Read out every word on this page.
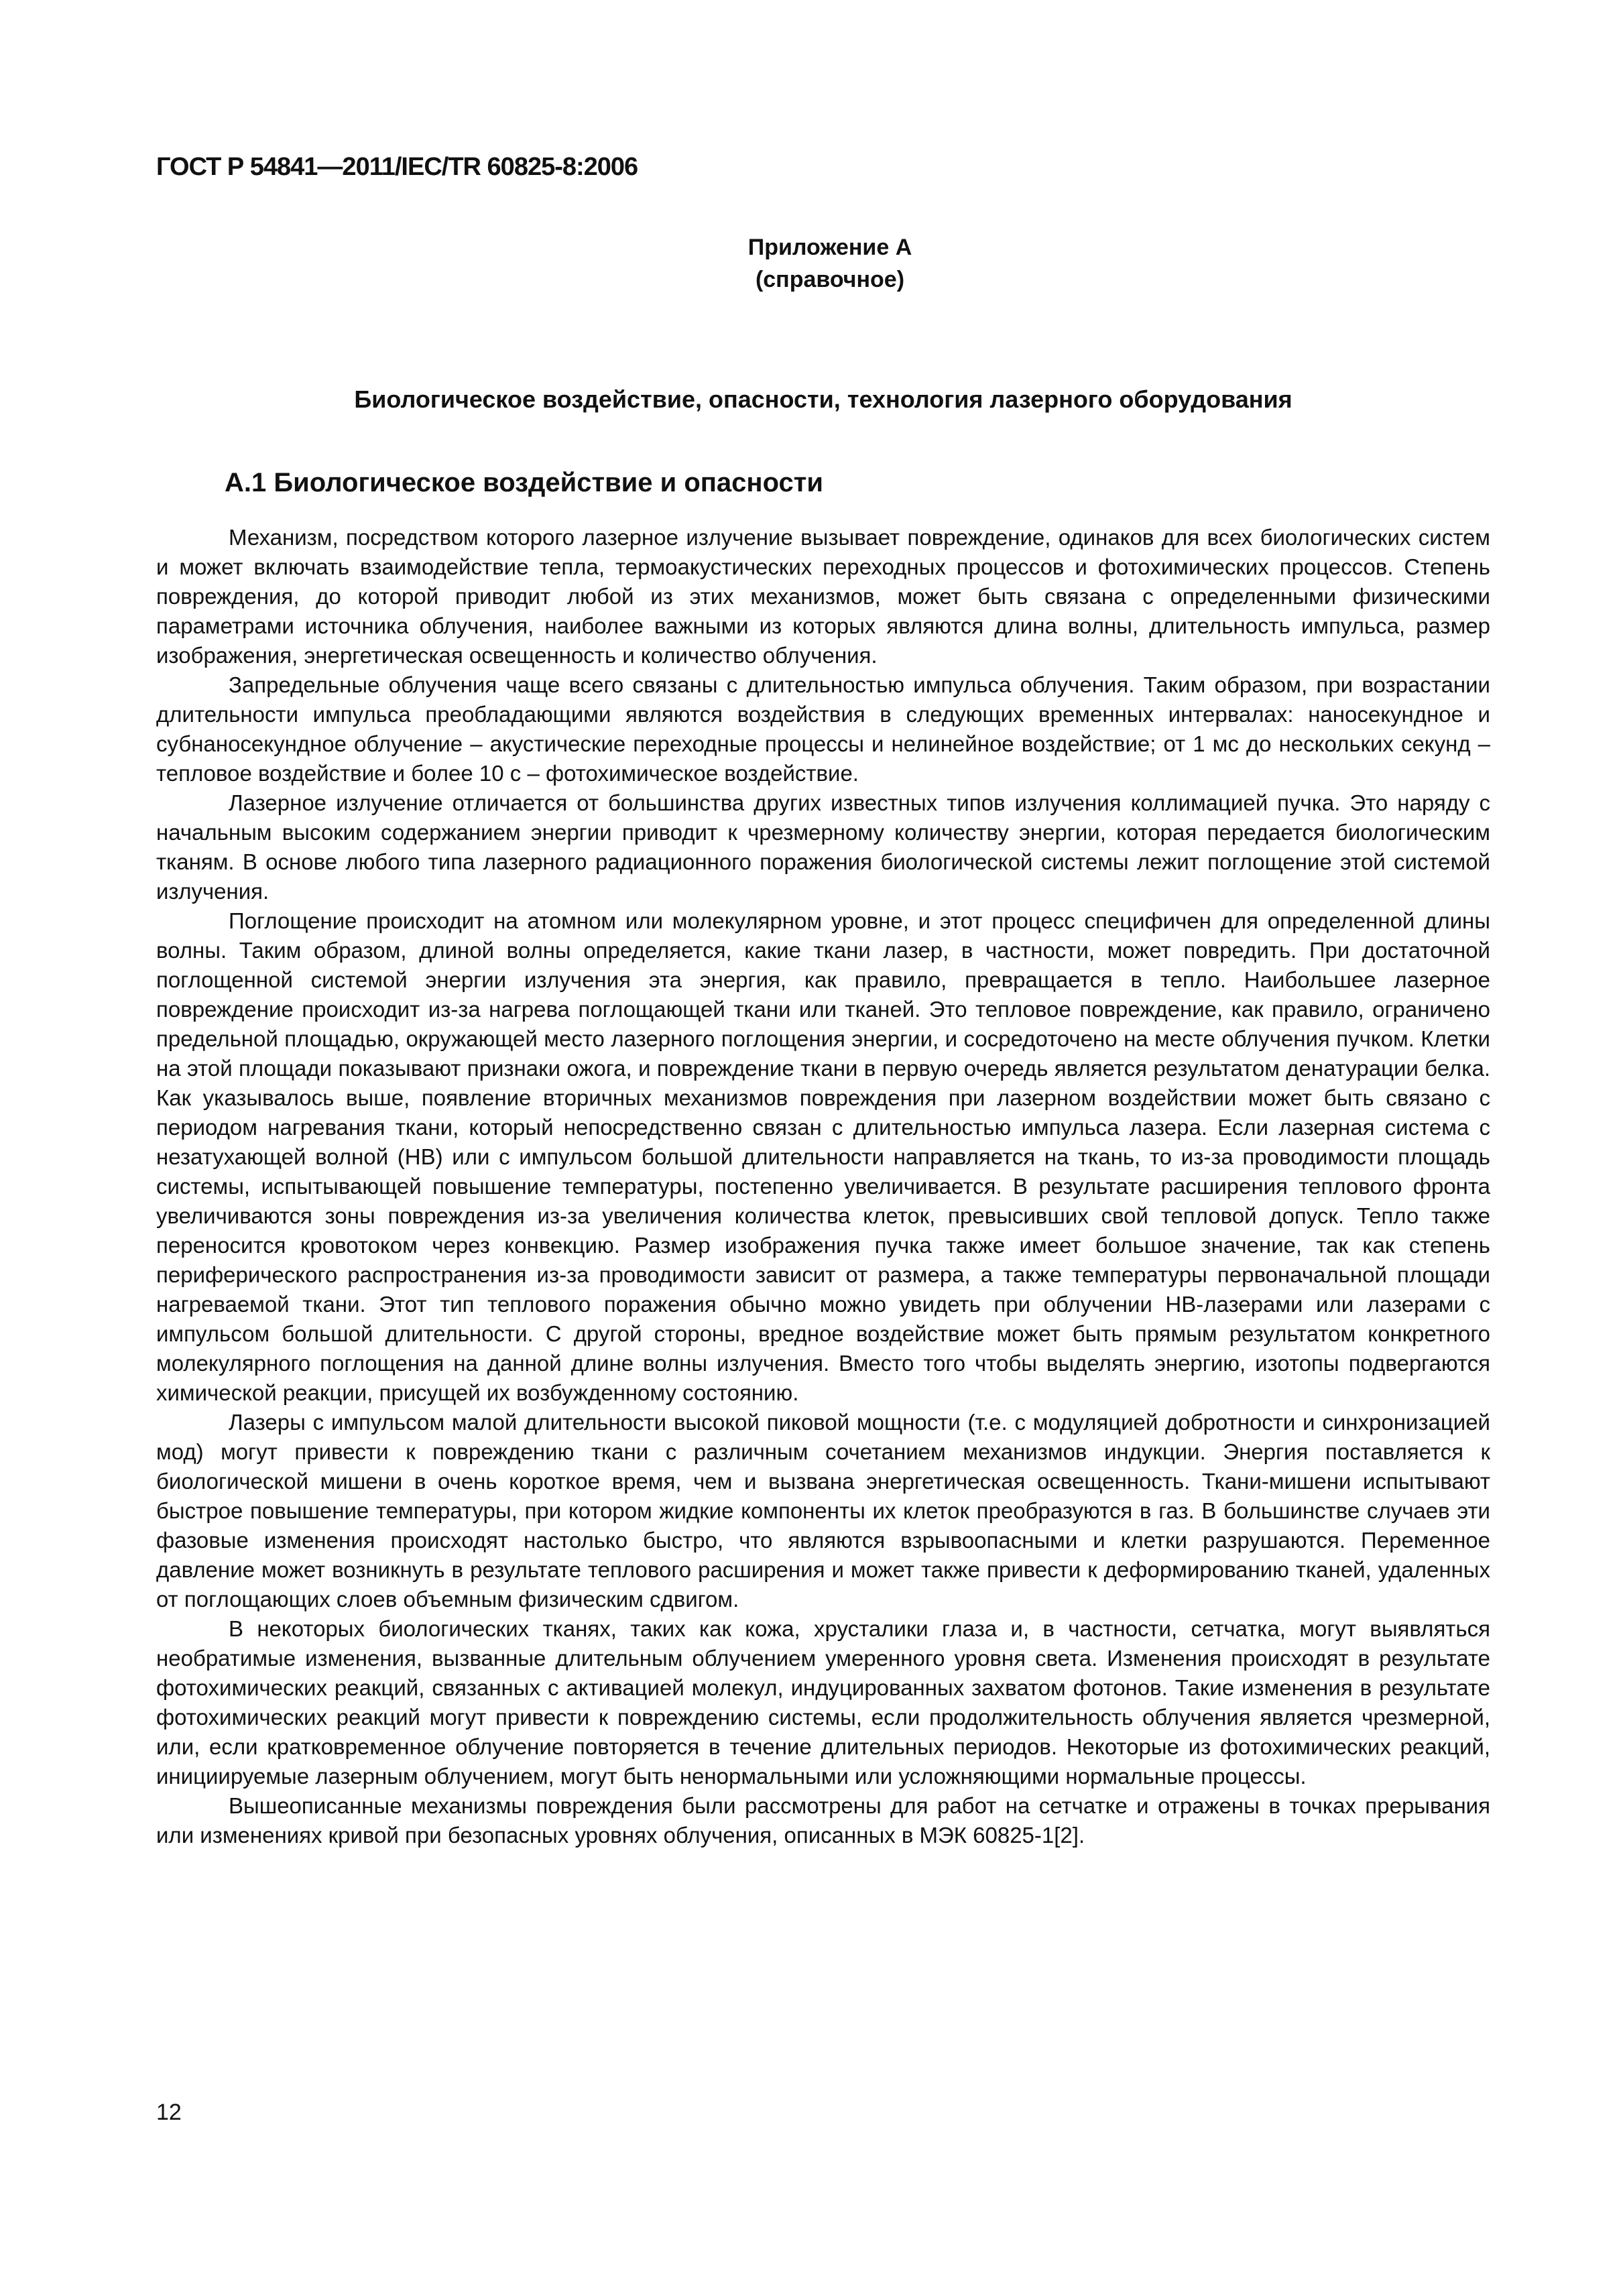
ГОСТ Р 54841—2011/IEC/TR 60825-8:2006
Приложение А
(справочное)
Биологическое воздействие, опасности, технология лазерного оборудования
А.1 Биологическое воздействие и опасности

Механизм, посредством которого лазерное излучение вызывает повреждение, одинаков для всех биологических систем и может включать взаимодействие тепла, термоакустических переходных процессов и фотохимических процессов. Степень повреждения, до которой приводит любой из этих механизмов, может быть связана с определенными физическими параметрами источника облучения, наиболее важными из которых являются длина волны, длительность импульса, размер изображения, энергетическая освещенность и количество облучения.

Запредельные облучения чаще всего связаны с длительностью импульса облучения. Таким образом, при возрастании длительности импульса преобладающими являются воздействия в следующих временных интервалах: наносекундное и субнаносекундное облучение – акустические переходные процессы и нелинейное воздействие; от 1 мс до нескольких секунд – тепловое воздействие и более 10 с – фотохимическое воздействие.

Лазерное излучение отличается от большинства других известных типов излучения коллимацией пучка. Это наряду с начальным высоким содержанием энергии приводит к чрезмерному количеству энергии, которая передается биологическим тканям. В основе любого типа лазерного радиационного поражения биологической системы лежит поглощение этой системой излучения.

Поглощение происходит на атомном или молекулярном уровне, и этот процесс специфичен для определенной длины волны. Таким образом, длиной волны определяется, какие ткани лазер, в частности, может повредить. При достаточной поглощенной системой энергии излучения эта энергия, как правило, превращается в тепло. Наибольшее лазерное повреждение происходит из-за нагрева поглощающей ткани или тканей. Это тепловое повреждение, как правило, ограничено предельной площадью, окружающей место лазерного поглощения энергии, и сосредоточено на месте облучения пучком. Клетки на этой площади показывают признаки ожога, и повреждение ткани в первую очередь является результатом денатурации белка. Как указывалось выше, появление вторичных механизмов повреждения при лазерном воздействии может быть связано с периодом нагревания ткани, который непосредственно связан с длительностью импульса лазера. Если лазерная система с незатухающей волной (НВ) или с импульсом большой длительности направляется на ткань, то из-за проводимости площадь системы, испытывающей повышение температуры, постепенно увеличивается. В результате расширения теплового фронта увеличиваются зоны повреждения из-за увеличения количества клеток, превысивших свой тепловой допуск. Тепло также переносится кровотоком через конвекцию. Размер изображения пучка также имеет большое значение, так как степень периферического распространения из-за проводимости зависит от размера, а также температуры первоначальной площади нагреваемой ткани. Этот тип теплового поражения обычно можно увидеть при облучении НВ-лазерами или лазерами с импульсом большой длительности. С другой стороны, вредное воздействие может быть прямым результатом конкретного молекулярного поглощения на данной длине волны излучения. Вместо того чтобы выделять энергию, изотопы подвергаются химической реакции, присущей их возбужденному состоянию.

Лазеры с импульсом малой длительности высокой пиковой мощности (т.е. с модуляцией добротности и синхронизацией мод) могут привести к повреждению ткани с различным сочетанием механизмов индукции. Энергия поставляется к биологической мишени в очень короткое время, чем и вызвана энергетическая освещенность. Ткани-мишени испытывают быстрое повышение температуры, при котором жидкие компоненты их клеток преобразуются в газ. В большинстве случаев эти фазовые изменения происходят настолько быстро, что являются взрывоопасными и клетки разрушаются. Переменное давление может возникнуть в результате теплового расширения и может также привести к деформированию тканей, удаленных от поглощающих слоев объемным физическим сдвигом.

В некоторых биологических тканях, таких как кожа, хрусталики глаза и, в частности, сетчатка, могут выявляться необратимые изменения, вызванные длительным облучением умеренного уровня света. Изменения происходят в результате фотохимических реакций, связанных с активацией молекул, индуцированных захватом фотонов. Такие изменения в результате фотохимических реакций могут привести к повреждению системы, если продолжительность облучения является чрезмерной, или, если кратковременное облучение повторяется в течение длительных периодов. Некоторые из фотохимических реакций, инициируемые лазерным облучением, могут быть ненормальными или усложняющими нормальные процессы.

Вышеописанные механизмы повреждения были рассмотрены для работ на сетчатке и отражены в точках прерывания или изменениях кривой при безопасных уровнях облучения, описанных в МЭК 60825-1[2].

12
